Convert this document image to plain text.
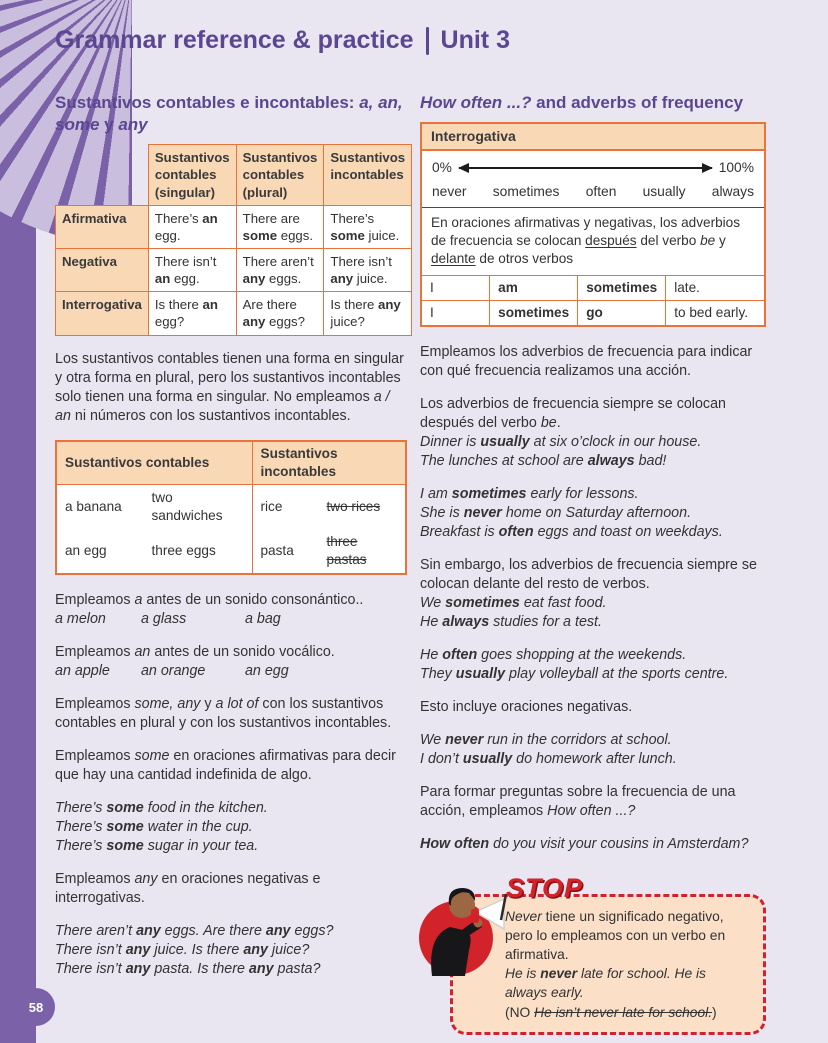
58
Grammar reference & practice Unit 3
Sustantivos contables e incontables: a, an, some y any
	Sustantivos contables (singular)	Sustantivos contables (plural)	Sustantivos incontables
Afirmativa	There’s an egg.	There are some eggs.	There’s some juice.
Negativa	There isn’t an egg.	There aren’t any eggs.	There isn’t any juice.
Interrogativa	Is there an egg?	Are there any eggs?	Is there any juice?

Los sustantivos contables tienen una forma en singular y otra forma en plural, pero los sustantivos incontables solo tienen una forma en singular. No empleamos a / an ni números con los sustantivos incontables.

Sustantivos contables		Sustantivos incontables	
a banana	two sandwiches	rice	two rices
an egg	three eggs	pasta	three pastas

Empleamos a antes de un sonido consonántico..

a melon a glass	a bag

Empleamos an antes de un sonido vocálico.

an apple an orange	an egg

Empleamos some, any y a lot of con los sustantivos contables en plural y con los sustantivos incontables.

Empleamos some en oraciones afirmativas para decir que hay una cantidad indefinida de algo.

There’s some food in the kitchen.
There’s some water in the cup.
There’s some sugar in your tea.

Empleamos any en oraciones negativas e interrogativas.

There aren’t any eggs. Are there any eggs?
There isn’t any juice. Is there any juice?
There isn’t any pasta. Is there any pasta?
How often ...? and adverbs of frequency
Interrogativa
0%	100%
never sometimes often usually always
En oraciones afirmativas y negativas, los adverbios de frecuencia se colocan después del verbo be y delante de otros verbos
I	am	sometimes	late.
I	sometimes	go	to bed early.

Empleamos los adverbios de frecuencia para indicar con qué frecuencia realizamos una acción.

Los adverbios de frecuencia siempre se colocan después del verbo be.

Dinner is usually at six o’clock in our house.
The lunches at school are always bad!
I am sometimes early for lessons.
She is never home on Saturday afternoon.
Breakfast is often eggs and toast on weekdays.

Sin embargo, los adverbios de frecuencia siempre se colocan delante del resto de verbos.

We sometimes eat fast food.
He always studies for a test.
He often goes shopping at the weekends.
They usually play volleyball at the sports centre.

Esto incluye oraciones negativas.

We never run in the corridors at school.
I don’t usually do homework after lunch.

Para formar preguntas sobre la frecuencia de una acción, empleamos How often ...?

How often do you visit your cousins in Amsterdam?

STOP

Never tiene un significado negativo, pero lo empleamos con un verbo en afirmativa.

He is never late for school. He is always early.

(NO He isn’t never late for school.)
